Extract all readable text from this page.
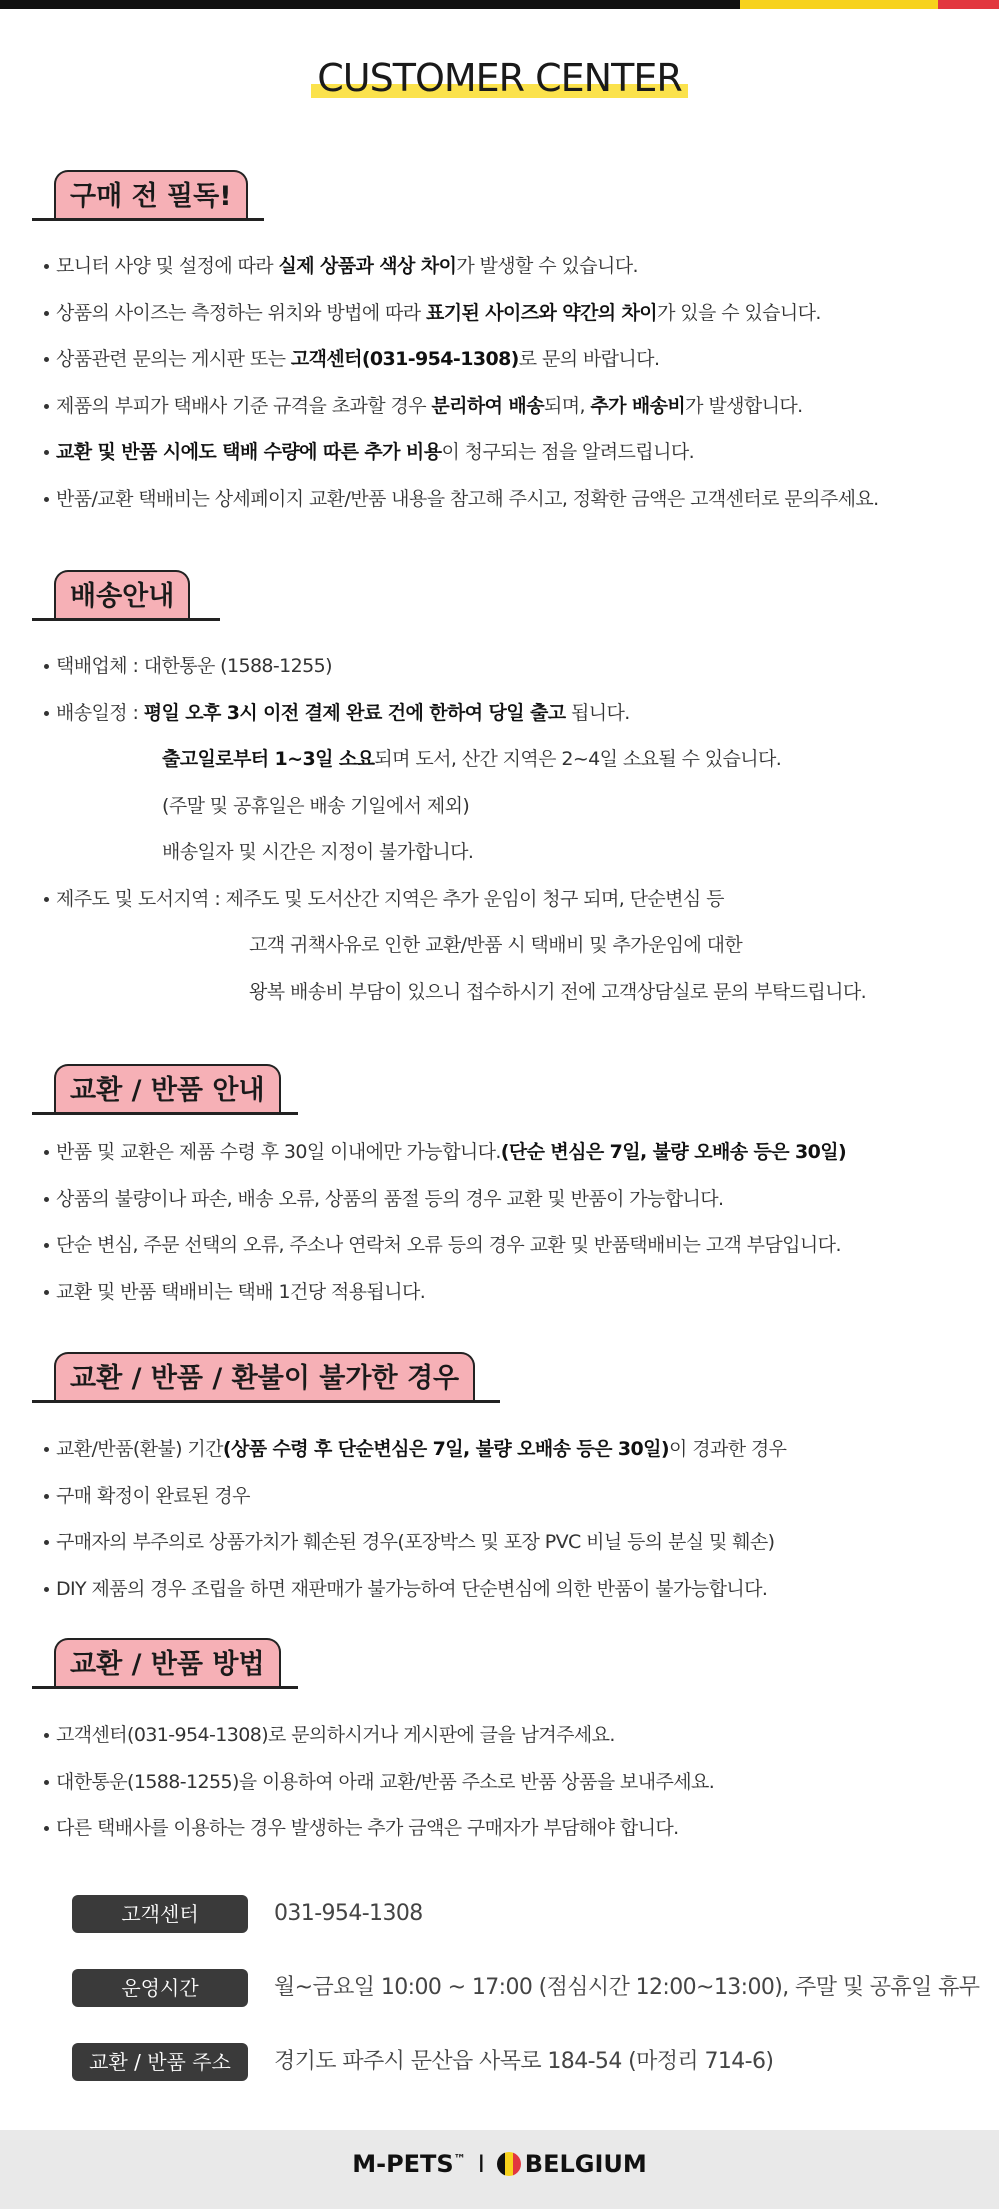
CUSTOMER CENTER
구매 전 필독!
모니터 사양 및 설정에 따라 실제 상품과 색상 차이가 발생할 수 있습니다.
상품의 사이즈는 측정하는 위치와 방법에 따라 표기된 사이즈와 약간의 차이가 있을 수 있습니다.
상품관련 문의는 게시판 또는 고객센터(031-954-1308)로 문의 바랍니다.
제품의 부피가 택배사 기준 규격을 초과할 경우 분리하여 배송되며, 추가 배송비가 발생합니다.
교환 및 반품 시에도 택배 수량에 따른 추가 비용이 청구되는 점을 알려드립니다.
반품/교환 택배비는 상세페이지 교환/반품 내용을 참고해 주시고, 정확한 금액은 고객센터로 문의주세요.
배송안내
택배업체 : 대한통운 (1588-1255)
배송일정 : 평일 오후 3시 이전 결제 완료 건에 한하여 당일 출고 됩니다.
출고일로부터 1~3일 소요되며 도서, 산간 지역은 2~4일 소요될 수 있습니다.
(주말 및 공휴일은 배송 기일에서 제외)
배송일자 및 시간은 지정이 불가합니다.
제주도 및 도서지역 : 제주도 및 도서산간 지역은 추가 운임이 청구 되며, 단순변심 등
고객 귀책사유로 인한 교환/반품 시 택배비 및 추가운임에 대한
왕복 배송비 부담이 있으니 접수하시기 전에 고객상담실로 문의 부탁드립니다.
교환 / 반품 안내
반품 및 교환은 제품 수령 후 30일 이내에만 가능합니다.(단순 변심은 7일, 불량 오배송 등은 30일)
상품의 불량이나 파손, 배송 오류, 상품의 품절 등의 경우 교환 및 반품이 가능합니다.
단순 변심, 주문 선택의 오류, 주소나 연락처 오류 등의 경우 교환 및 반품택배비는 고객 부담입니다.
교환 및 반품 택배비는 택배 1건당 적용됩니다.
교환 / 반품 / 환불이 불가한 경우
교환/반품(환불) 기간(상품 수령 후 단순변심은 7일, 불량 오배송 등은 30일)이 경과한 경우
구매 확정이 완료된 경우
구매자의 부주의로 상품가치가 훼손된 경우(포장박스 및 포장 PVC 비닐 등의 분실 및 훼손)
DIY 제품의 경우 조립을 하면 재판매가 불가능하여 단순변심에 의한 반품이 불가능합니다.
교환 / 반품 방법
고객센터(031-954-1308)로 문의하시거나 게시판에 글을 남겨주세요.
대한통운(1588-1255)을 이용하여 아래 교환/반품 주소로 반품 상품을 보내주세요.
다른 택배사를 이용하는 경우 발생하는 추가 금액은 구매자가 부담해야 합니다.
고객센터	031-954-1308
운영시간	월~금요일 10:00 ~ 17:00 (점심시간 12:00~13:00), 주말 및 공휴일 휴무
교환 / 반품 주소	경기도 파주시 문산읍 사목로 184-54 (마정리 714-6)
M-PETS™ I BELGIUM
